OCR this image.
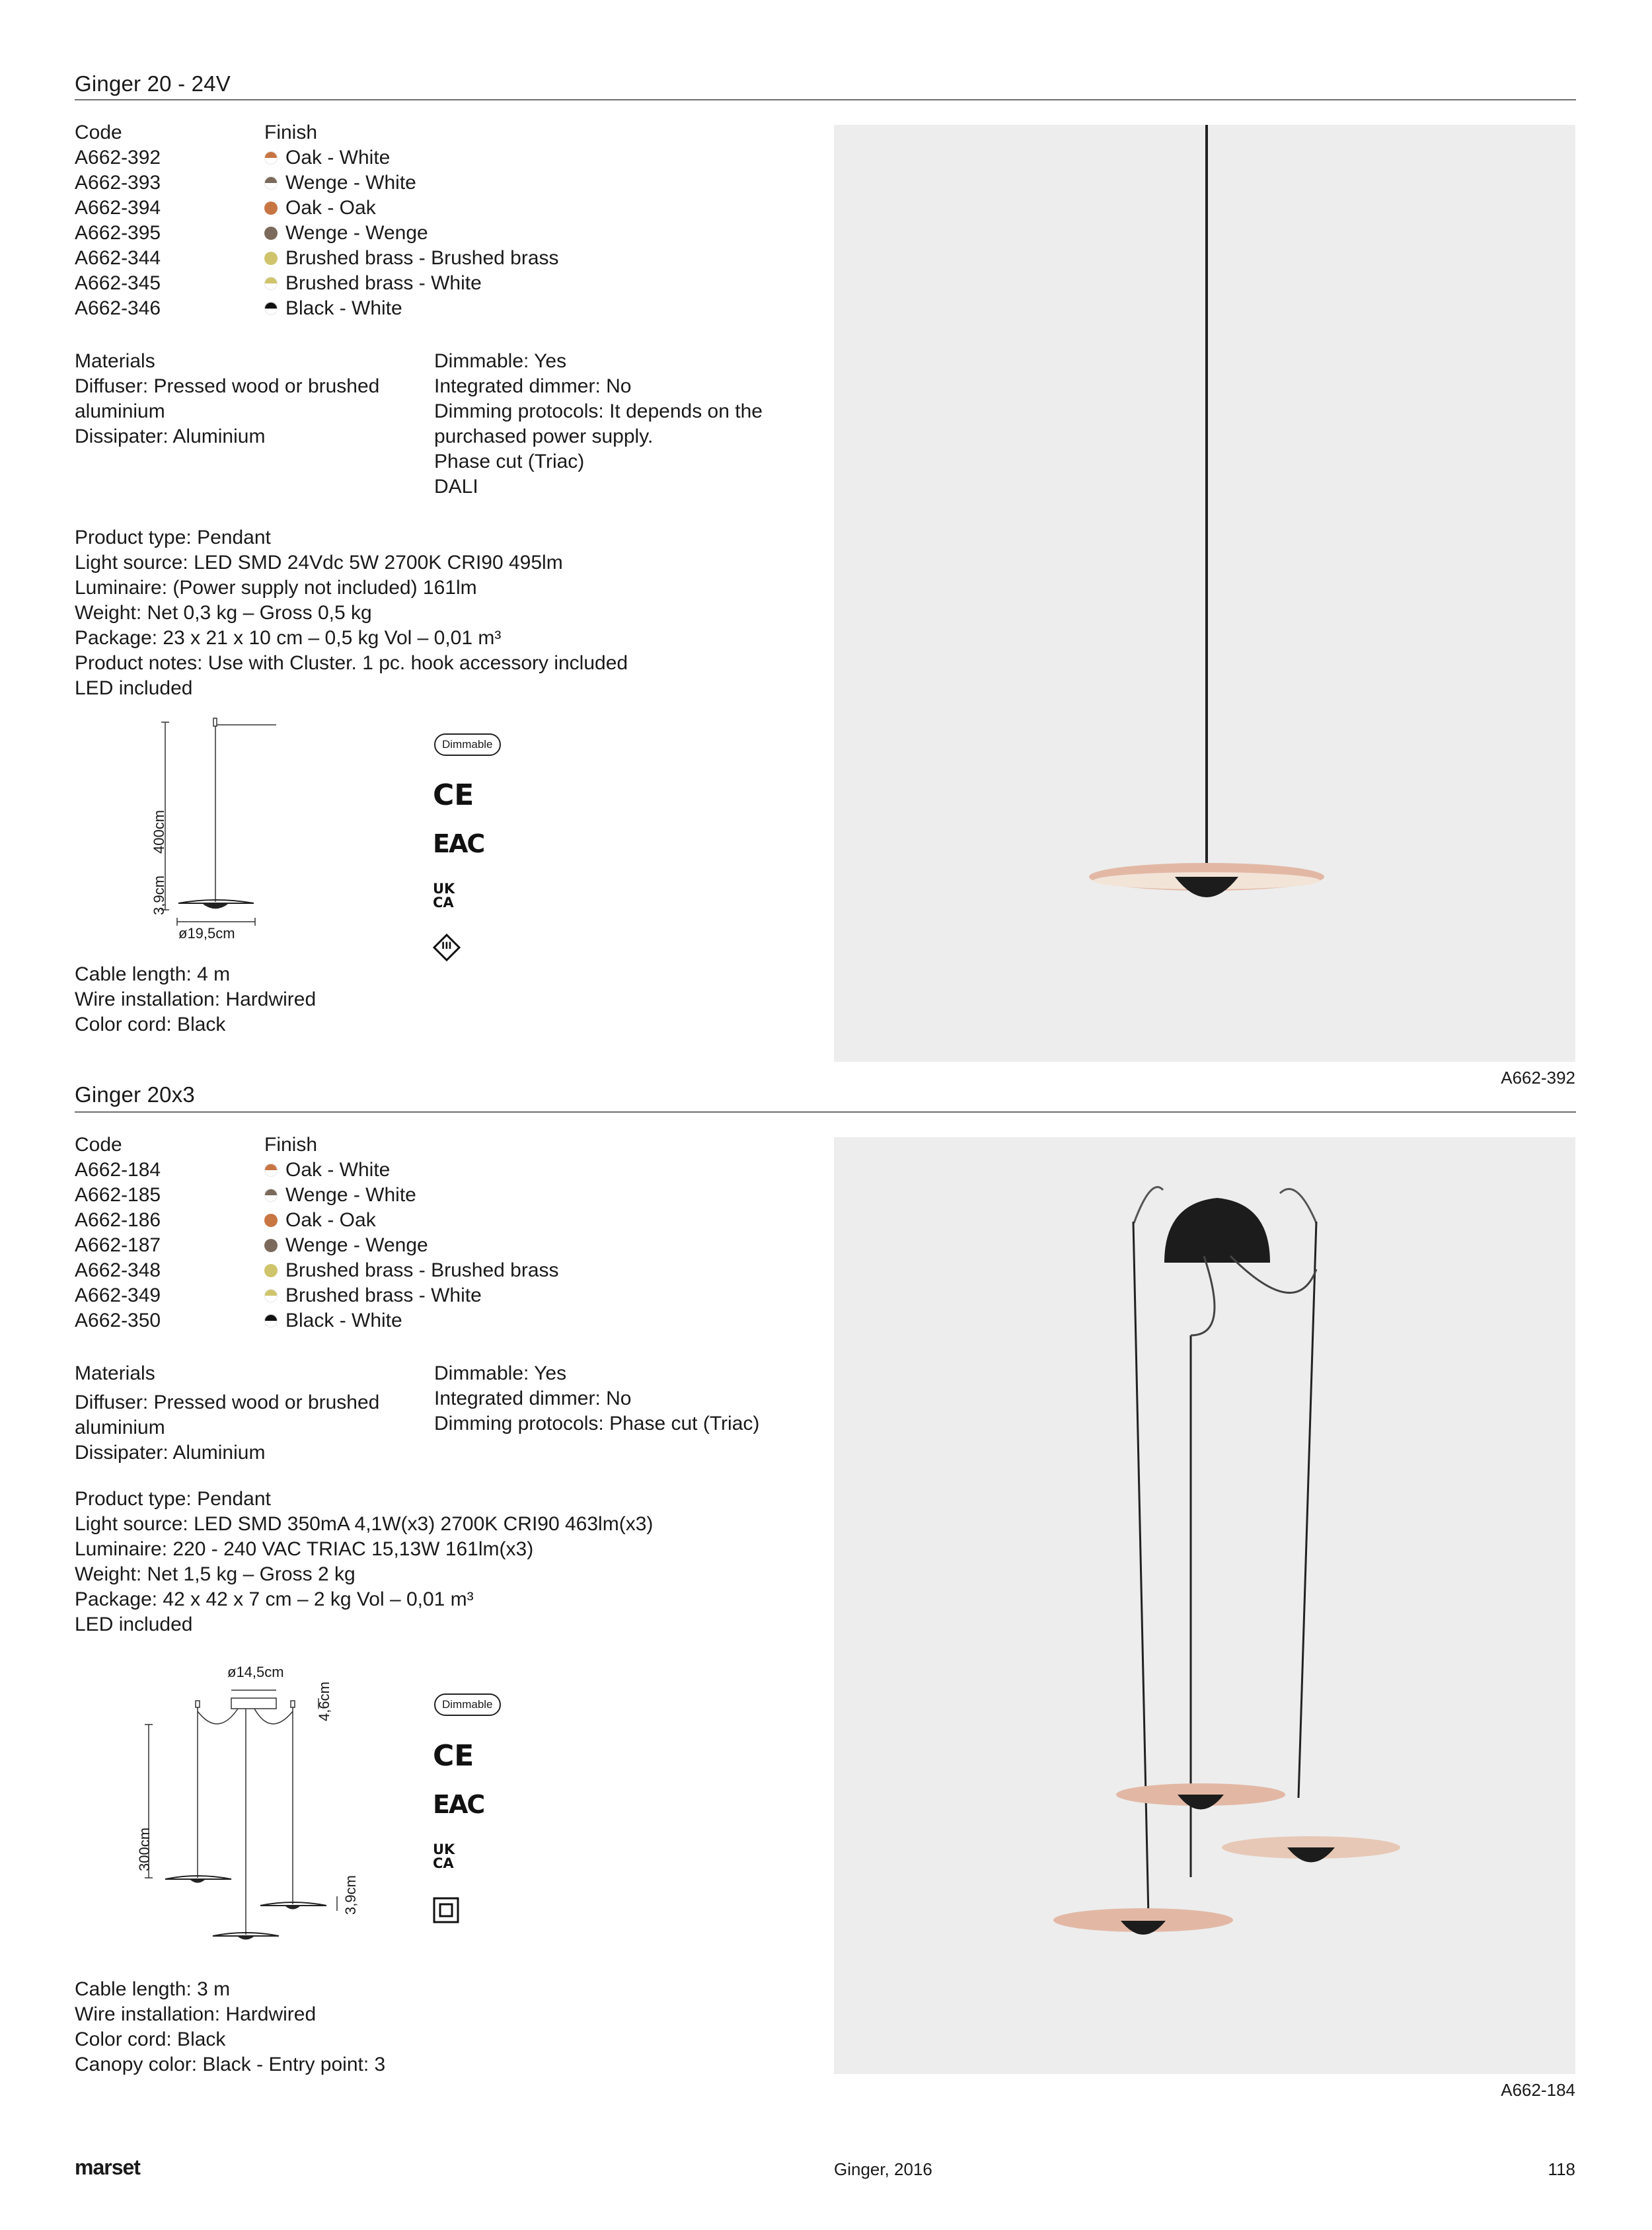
Ginger 20 - 24V
Code
A662-392
A662-393
A662-394
A662-395
A662-344
A662-345
A662-346
Finish
Oak - White
Wenge - White
Oak - Oak
Wenge - Wenge
Brushed brass - Brushed brass
Brushed brass - White
Black - White
Materials
Diffuser: Pressed wood or brushed
aluminium
Dissipater: Aluminium
Dimmable: Yes
Integrated dimmer: No
Dimming protocols: It depends on the
purchased power supply.
Phase cut (Triac)
DALI
Product type: Pendant
Light source: LED SMD 24Vdc 5W 2700K CRI90 495lm
Luminaire: (Power supply not included) 161lm
Weight: Net 0,3 kg – Gross 0,5 kg
Package: 23 x 21 x 10 cm – 0,5 kg Vol – 0,01 m³
Product notes: Use with Cluster. 1 pc. hook accessory included
LED included
400cm
3,9cm
ø19,5cm
Dimmable
CE
EAC
UK CA
III
Cable length: 4 m
Wire installation: Hardwired
Color cord: Black
A662-392
Ginger 20x3
Code
A662-184
A662-185
A662-186
A662-187
A662-348
A662-349
A662-350
Finish
Oak - White
Wenge - White
Oak - Oak
Wenge - Wenge
Brushed brass - Brushed brass
Brushed brass - White
Black - White
Materials
Diffuser: Pressed wood or brushed
aluminium
Dissipater: Aluminium
Dimmable: Yes
Integrated dimmer: No
Dimming protocols: Phase cut (Triac)
Product type: Pendant
Light source: LED SMD 350mA 4,1W(x3) 2700K CRI90 463lm(x3)
Luminaire: 220 - 240 VAC TRIAC 15,13W 161lm(x3)
Weight: Net 1,5 kg – Gross 2 kg
Package: 42 x 42 x 7 cm – 2 kg Vol – 0,01 m³
LED included
ø14,5cm
4,6cm
300cm
3,9cm
Dimmable
CE
EAC
UK CA
Cable length: 3 m
Wire installation: Hardwired
Color cord: Black
Canopy color: Black - Entry point: 3
A662-184
marset	Ginger, 2016	118
